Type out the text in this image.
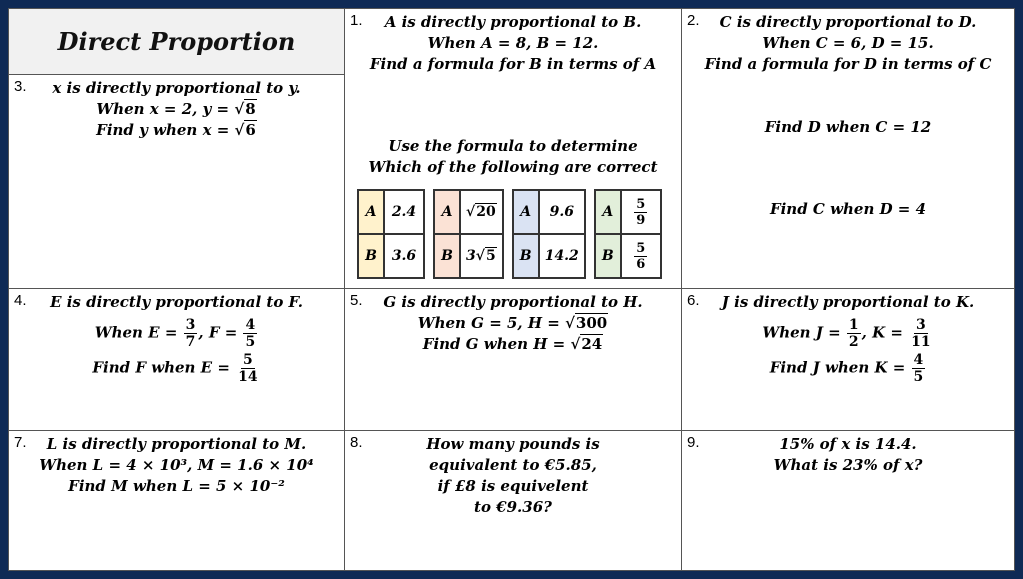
Direct Proportion
3.	x is directly proportional to y.
When x = 2, y = √8
Find y when x = √6
1.	A is directly proportional to B.
When A = 8, B = 12.
Find a formula for B in terms of A
Use the formula to determine
Which of the following are correct
A	2.4
B	3.6
A √20
B 3 √5
A	9.6
B 14.2
A	$\frac{5}{9}$
B	$\frac{5}{6}$
2.	C is directly proportional to D.
When C = 6, D = 15.
Find a formula for D in terms of C
Find D when C = 12
Find C when D = 4
4.	E is directly proportional to F.
When $E = \frac{3}{7}$ , $F = \frac{4}{5}$
Find F when $E = \frac{5}{14}$
5.	G is directly proportional to H.
When G = 5, H = √300
Find G when H = √24
6.	J is directly proportional to K.
When $J = \frac{1}{2}$ , $K = \frac{3}{11}$
Find J when $K = \frac{4}{5}$
7.	L is directly proportional to M.
When L = 4 × 10³, M = 1.6 × 10⁴
Find M when L = 5 × 10⁻²
8.	How many pounds is
equivalent to €5.85,
if £8 is equivelent
to €9.36?
9.	15% of x is 14.4.
What is 23% of x?
